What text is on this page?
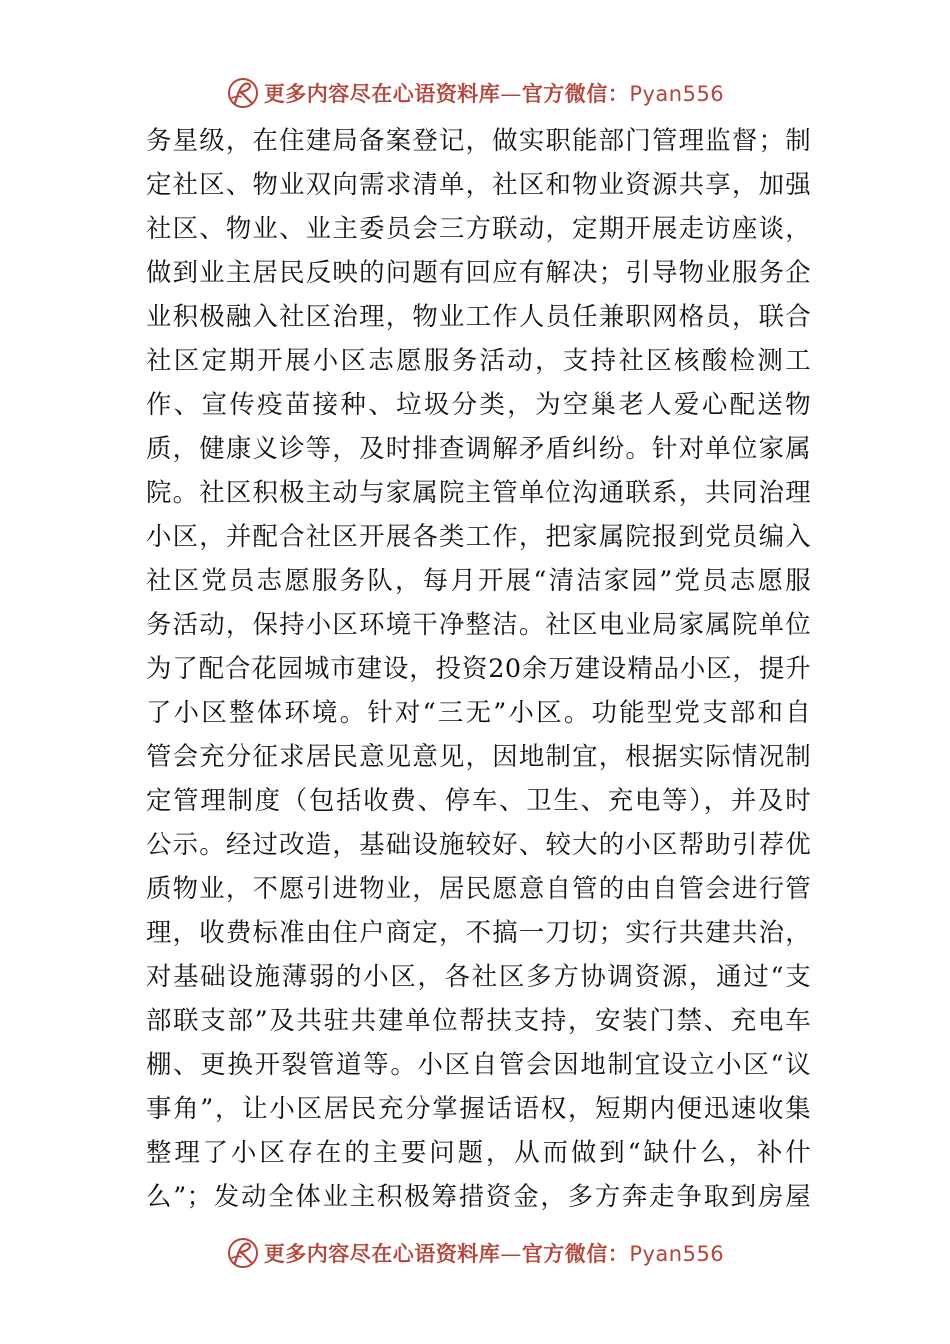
更多内容尽在心语资料库—官方微信：Pyan556
务星级，在住建局备案登记，做实职能部门管理监督；制
定社区、物业双向需求清单，社区和物业资源共享，加强
社区、物业、业主委员会三方联动，定期开展走访座谈，
做到业主居民反映的问题有回应有解决；引导物业服务企
业积极融入社区治理，物业工作人员任兼职网格员，联合
社区定期开展小区志愿服务活动，支持社区核酸检测工
作、宣传疫苗接种、垃圾分类，为空巢老人爱心配送物
质，健康义诊等，及时排查调解矛盾纠纷。针对单位家属
院。社区积极主动与家属院主管单位沟通联系，共同治理
小区，并配合社区开展各类工作，把家属院报到党员编入
社区党员志愿服务队，每月开展“清洁家园”党员志愿服
务活动，保持小区环境干净整洁。社区电业局家属院单位
为了配合花园城市建设，投资20余万建设精品小区，提升
了小区整体环境。针对“三无”小区。功能型党支部和自
管会充分征求居民意见意见，因地制宜，根据实际情况制
定管理制度（包括收费、停车、卫生、充电等），并及时
公示。经过改造，基础设施较好、较大的小区帮助引荐优
质物业，不愿引进物业，居民愿意自管的由自管会进行管
理，收费标准由住户商定，不搞一刀切；实行共建共治，
对基础设施薄弱的小区，各社区多方协调资源，通过“支
部联支部”及共驻共建单位帮扶支持，安装门禁、充电车
棚、更换开裂管道等。小区自管会因地制宜设立小区“议
事角”，让小区居民充分掌握话语权，短期内便迅速收集
整理了小区存在的主要问题，从而做到“缺什么，补什
么”；发动全体业主积极筹措资金，多方奔走争取到房屋
更多内容尽在心语资料库—官方微信：Pyan556
